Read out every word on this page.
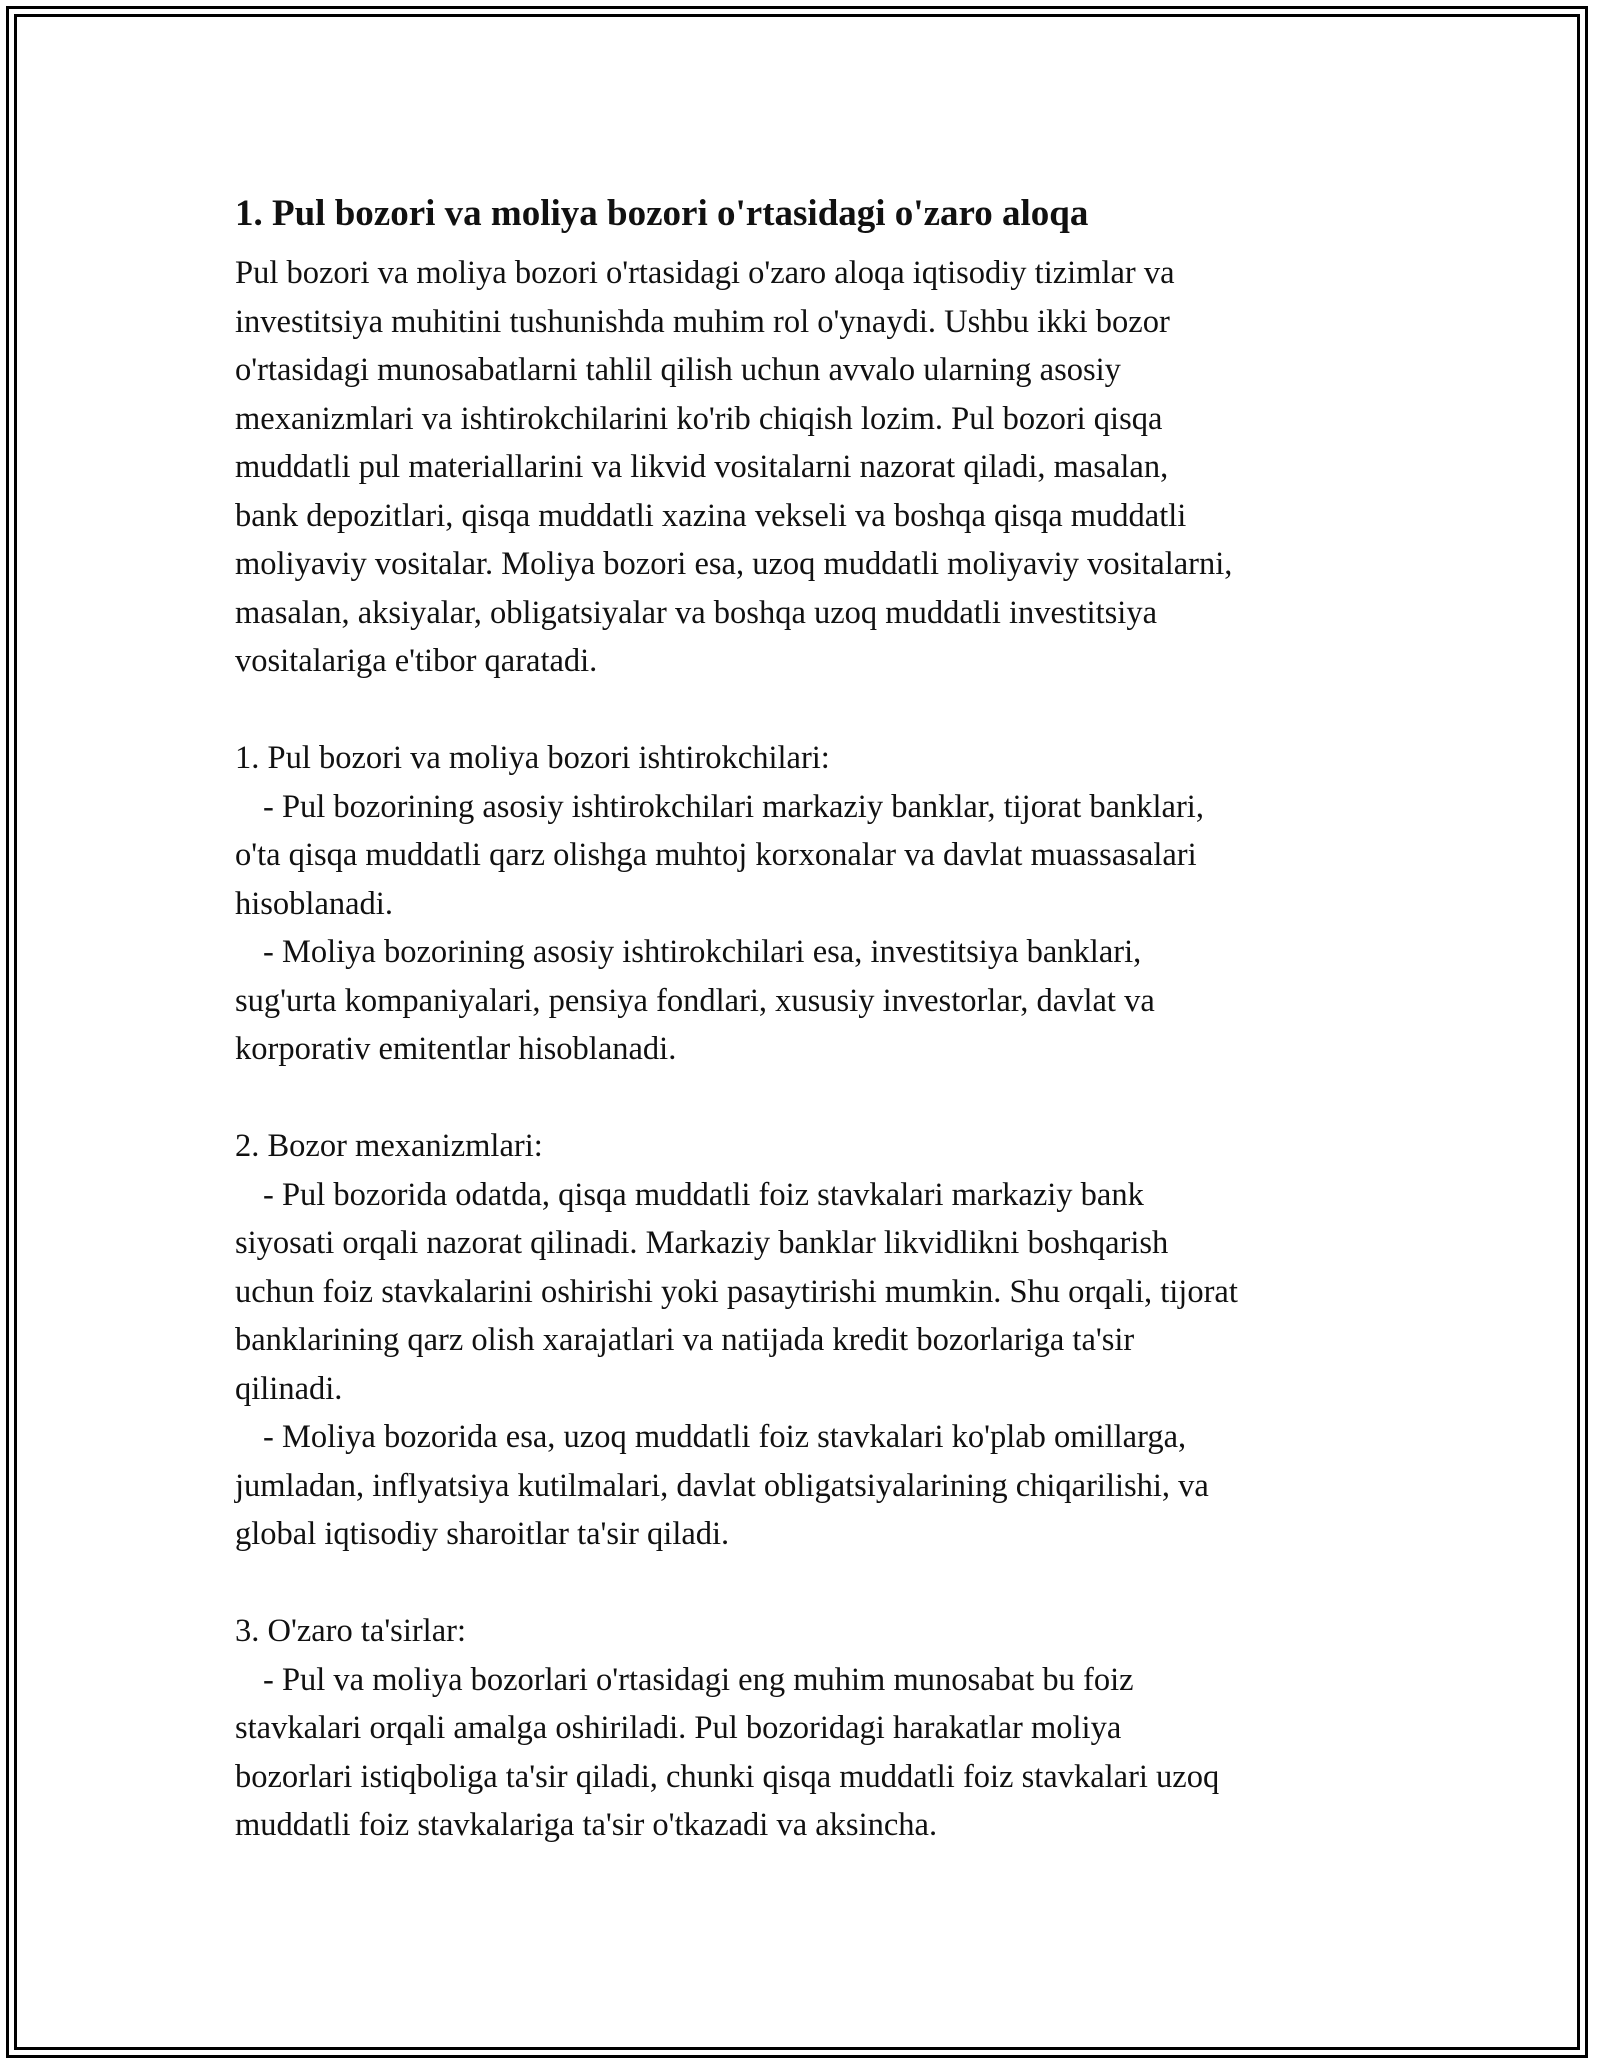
1. Pul bozori va moliya bozori o'rtasidagi o'zaro aloqa

Pul bozori va moliya bozori o'rtasidagi o'zaro aloqa iqtisodiy tizimlar va
investitsiya muhitini tushunishda muhim rol o'ynaydi. Ushbu ikki bozor
o'rtasidagi munosabatlarni tahlil qilish uchun avvalo ularning asosiy
mexanizmlari va ishtirokchilarini ko'rib chiqish lozim. Pul bozori qisqa
muddatli pul materiallarini va likvid vositalarni nazorat qiladi, masalan,
bank depozitlari, qisqa muddatli xazina vekseli va boshqa qisqa muddatli
moliyaviy vositalar. Moliya bozori esa, uzoq muddatli moliyaviy vositalarni,
masalan, aksiyalar, obligatsiyalar va boshqa uzoq muddatli investitsiya
vositalariga e'tibor qaratadi.

1. Pul bozori va moliya bozori ishtirokchilari:
- Pul bozorining asosiy ishtirokchilari markaziy banklar, tijorat banklari,
o'ta qisqa muddatli qarz olishga muhtoj korxonalar va davlat muassasalari
hisoblanadi.
- Moliya bozorining asosiy ishtirokchilari esa, investitsiya banklari,
sug'urta kompaniyalari, pensiya fondlari, xususiy investorlar, davlat va
korporativ emitentlar hisoblanadi.
2. Bozor mexanizmlari:
- Pul bozorida odatda, qisqa muddatli foiz stavkalari markaziy bank
siyosati orqali nazorat qilinadi. Markaziy banklar likvidlikni boshqarish
uchun foiz stavkalarini oshirishi yoki pasaytirishi mumkin. Shu orqali, tijorat
banklarining qarz olish xarajatlari va natijada kredit bozorlariga ta'sir
qilinadi.
- Moliya bozorida esa, uzoq muddatli foiz stavkalari ko'plab omillarga,
jumladan, inflyatsiya kutilmalari, davlat obligatsiyalarining chiqarilishi, va
global iqtisodiy sharoitlar ta'sir qiladi.
3. O'zaro ta'sirlar:
- Pul va moliya bozorlari o'rtasidagi eng muhim munosabat bu foiz
stavkalari orqali amalga oshiriladi. Pul bozoridagi harakatlar moliya
bozorlari istiqboliga ta'sir qiladi, chunki qisqa muddatli foiz stavkalari uzoq
muddatli foiz stavkalariga ta'sir o'tkazadi va aksincha.
